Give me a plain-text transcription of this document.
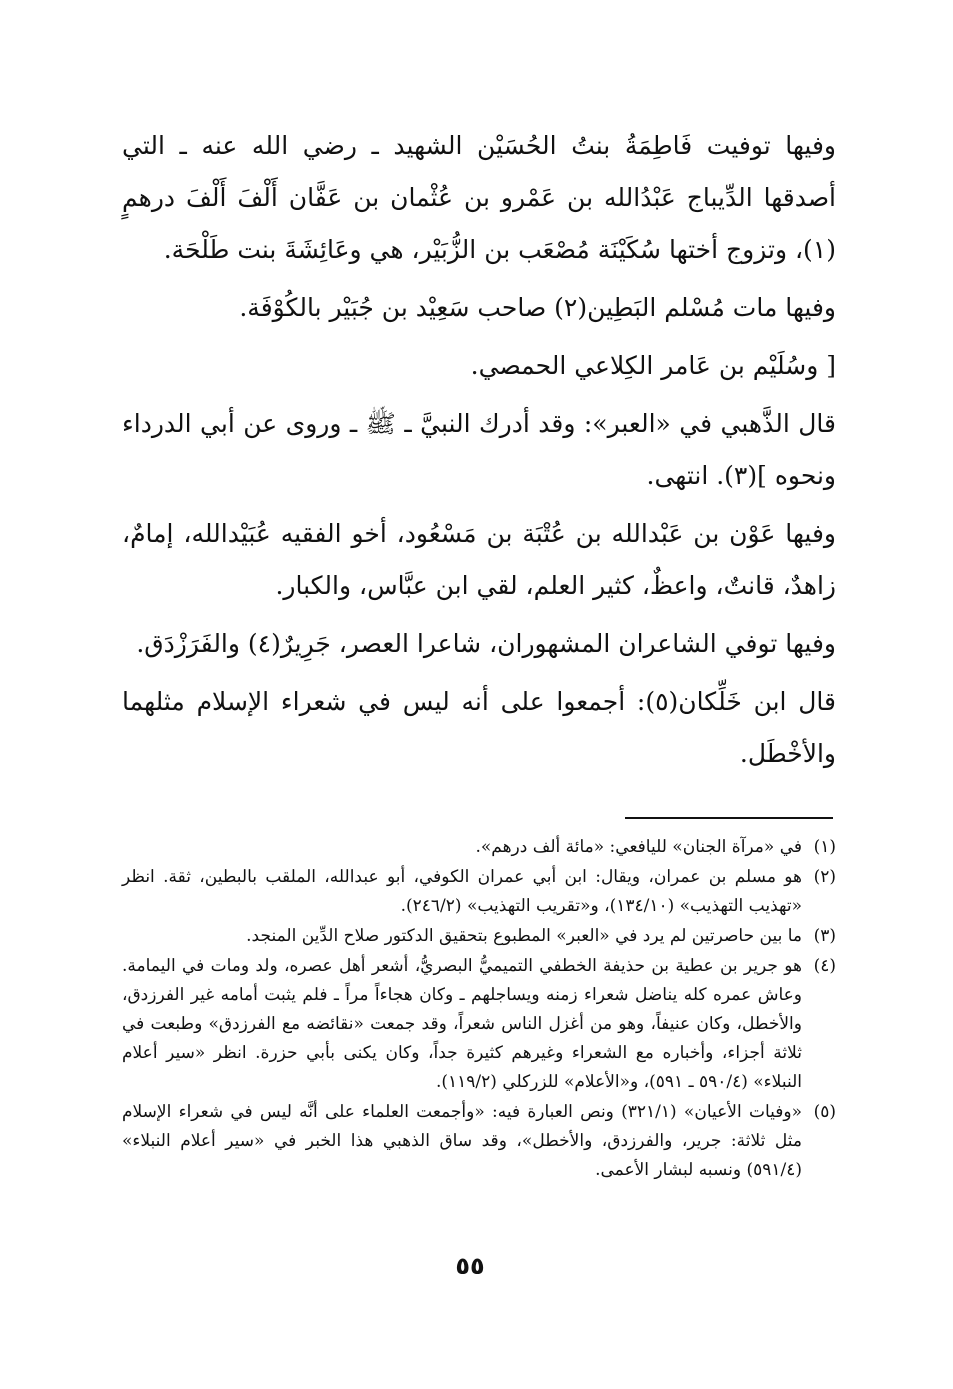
وفيها توفيت فَاطِمَةُ بنتُ الحُسَيْن الشهيد ـ رضي الله عنه ـ التي أصدقها الدِّيباج عَبْدُالله بن عَمْرو بن عُثْمان بن عَفَّان أَلْفَ أَلْفَ درهمٍ (١)، وتزوج أختها سُكَيْنَة مُصْعَب بن الزُّبَيْر، هي وعَائِشَةَ بنت طَلْحَة.

وفيها مات مُسْلم البَطِين(٢) صاحب سَعِيْد بن جُبَيْر بالكُوْفَة.

[ وسُلَيْم بن عَامر الكِلاعي الحمصي.

قال الذَّهبي في «العبر»: وقد أدرك النبيَّ ـ ﷺ ـ وروى عن أبي الدرداء ونحوه ](٣). انتهى.

وفيها عَوْن بن عَبْدالله بن عُتْبَة بن مَسْعُود، أخو الفقيه عُبَيْدالله، إمامٌ، زاهدٌ، قانتٌ، واعظٌ، كثير العلم، لقي ابن عبَّاس، والكبار.

وفيها توفي الشاعران المشهوران، شاعرا العصر، جَرِيرٌ(٤) والفَرَزْدَق.

قال ابن خَلِّكان(٥): أجمعوا على أنه ليس في شعراء الإسلام مثلهما والأخْطَل.

(١)في «مرآة الجنان» لليافعي: «مائة ألف درهم».
(٢)هو مسلم بن عمران، ويقال: ابن أبي عمران الكوفي، أبو عبدالله، الملقب بالبطين، ثقة. انظر «تهذيب التهذيب» (١٣٤/١٠)، و«تقريب التهذيب» (٢٤٦/٢).
(٣)ما بين حاصرتين لم يرد في «العبر» المطبوع بتحقيق الدكتور صلاح الدِّين المنجد.
(٤)هو جرير بن عطية بن حذيفة الخطفي التميميُّ البصريُّ، أشعر أهل عصره، ولد ومات في اليمامة. وعاش عمره كله يناضل شعراء زمنه ويساجلهم ـ وكان هجاءاً مراً ـ فلم يثبت أمامه غير الفرزدق، والأخطل، وكان عنيفاً، وهو من أغزل الناس شعراً، وقد جمعت «نقائضه مع الفرزدق» وطبعت في ثلاثة أجزاء، وأخباره مع الشعراء وغيرهم كثيرة جداً، وكان يكنى بأبي حزرة. انظر «سير أعلام النبلاء» (٥٩٠/٤ ـ ٥٩١)، و«الأعلام» للزركلي (١١٩/٢).
(٥)«وفيات الأعيان» (٣٢١/١) ونص العبارة فيه: «وأجمعت العلماء على أنَّه ليس في شعراء الإسلام مثل ثلاثة: جرير، والفرزدق، والأخطل»، وقد ساق الذهبي هذا الخبر في «سير أعلام النبلاء» (٥٩١/٤) ونسبه لبشار الأعمى.
٥٥
